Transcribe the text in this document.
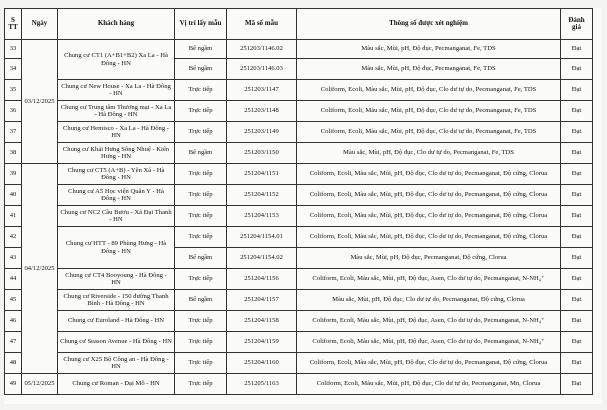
S TT	Ngày	Khách hàng	Vị trí lấy mẫu	Mã số mẫu	Thông số được xét nghiệm	Đánh giá
33	03/12/2025	Chung cư CT1 (A+B1+B2) Xa La - Hà Đông - HN	Bể ngầm	251203/1146.02	Màu sắc, Mùi, pH, Độ đục, Pecmanganat, Fe, TDS	Đạt
34			Bể ngầm	251203/1146.03	Màu sắc, Mùi, pH, Độ đục, Pecmanganat, Fe, TDS	Đạt
35		Chung cư New House - Xa La - Hà Đông - HN	Trực tiếp	251203/1147	Coliform, Ecoli, Màu sắc, Mùi, pH, Độ đục, Clo dư tự do, Pecmanganat, Fe, TDS	Đạt
36		Chung cư Trung tâm Thương mại - Xa La - Hà Đông - HN	Trực tiếp	251203/1148	Coliform, Ecoli, Màu sắc, Mùi, pH, Độ đục, Clo dư tự do, Pecmanganat, Fe, TDS	Đạt
37		Chung cư Hemisco - Xa La - Hà Đông - HN	Trực tiếp	251203/1149	Coliform, Ecoli, Màu sắc, Mùi, pH, Độ đục, Clo dư tự do, Pecmanganat, Fe, TDS	Đạt
38		Chung cư Khải Hưng Sông Nhuệ - Kiến Hưng - HN	Bể ngầm	251203/1150	Màu sắc, Mùi, pH, Độ đục, Clo dư tự do, Pecmanganat, Fe, TDS	Đạt
39	04/12/2025	Chung cư CT5 (A+B) - Yên Xá - Hà Đông - HN	Trực tiếp	251204/1151	Coliform, Ecoli, Màu sắc, Mùi, pH, Độ đục, Clo dư tự do, Pecmanganat, Độ cứng, Clorua	Đạt
40		Chung cư A5 Học viện Quân Y - Hà Đông - HN	Trực tiếp	251204/1152	Coliform, Ecoli, Màu sắc, Mùi, pH, Độ đục, Clo dư tự do, Pecmanganat, Độ cứng, Clorua	Đạt
41		Chung cư NC2 Cầu Bươu - Xã Đại Thanh - HN	Trực tiếp	251204/1153	Coliform, Ecoli, Màu sắc, Mùi, pH, Độ đục, Clo dư tự do, Pecmanganat, Độ cứng, Clorua	Đạt
42		Chung cư HTT - 89 Phùng Hưng - Hà Đông - HN	Trực tiếp	251204/1154.01	Coliform, Ecoli, Màu sắc, Mùi, pH, Độ đục, Clo dư tự do, Pecmanganat, Độ cứng, Clorua	Đạt
43			Bể ngầm	251204/1154.02	Màu sắc, Mùi, pH, Độ đục, Pecmanganat, Độ cứng, Clorua	Đạt
44		Chung cư CT4 Booyoung - Hà Đông - HN	Trực tiếp	251204/1156	Coliform, Ecoli, Màu sắc, Mùi, pH, Độ đục, Asen, Clo dư tự do, Pecmanganat, N-NH₄⁺	Đạt
45		Chung cư Riverside - 150 đường Thanh Bình - Hà Đông - HN	Bể ngầm	251204/1157	Màu sắc, Mùi, pH, Độ đục, Clo dư tự do, Pecmanganat, Độ cứng, Clorua	Đạt
46		Chung cư Euroland - Hà Đông - HN	Trực tiếp	251204/1158	Coliform, Ecoli, Màu sắc, Mùi, pH, Độ đục, Asen, Clo dư tự do, Pecmanganat, N-NH₄⁺	Đạt
47		Chung cư Season Avenue - Hà Đông - HN	Trực tiếp	251204/1159	Coliform, Ecoli, Màu sắc, Mùi, pH, Độ đục, Asen, Clo dư tự do, Pecmanganat, N-NH₄⁺	Đạt
48		Chung cư X25 Bộ Công an - Hà Đông - HN	Trực tiếp	251204/1160	Coliform, Ecoli, Màu sắc, Mùi, pH, Độ đục, Clo dư tự do, Pecmanganat, Độ cứng, Clorua	Đạt
49	05/12/2025	Chung cư Roman - Đại Mỗ - HN	Trực tiếp	251205/1163	Coliform, Ecoli, Màu sắc, Mùi, pH, Độ đục, Clo dư tự do, Pecmanganat, Mn, Clorua	Đạt
